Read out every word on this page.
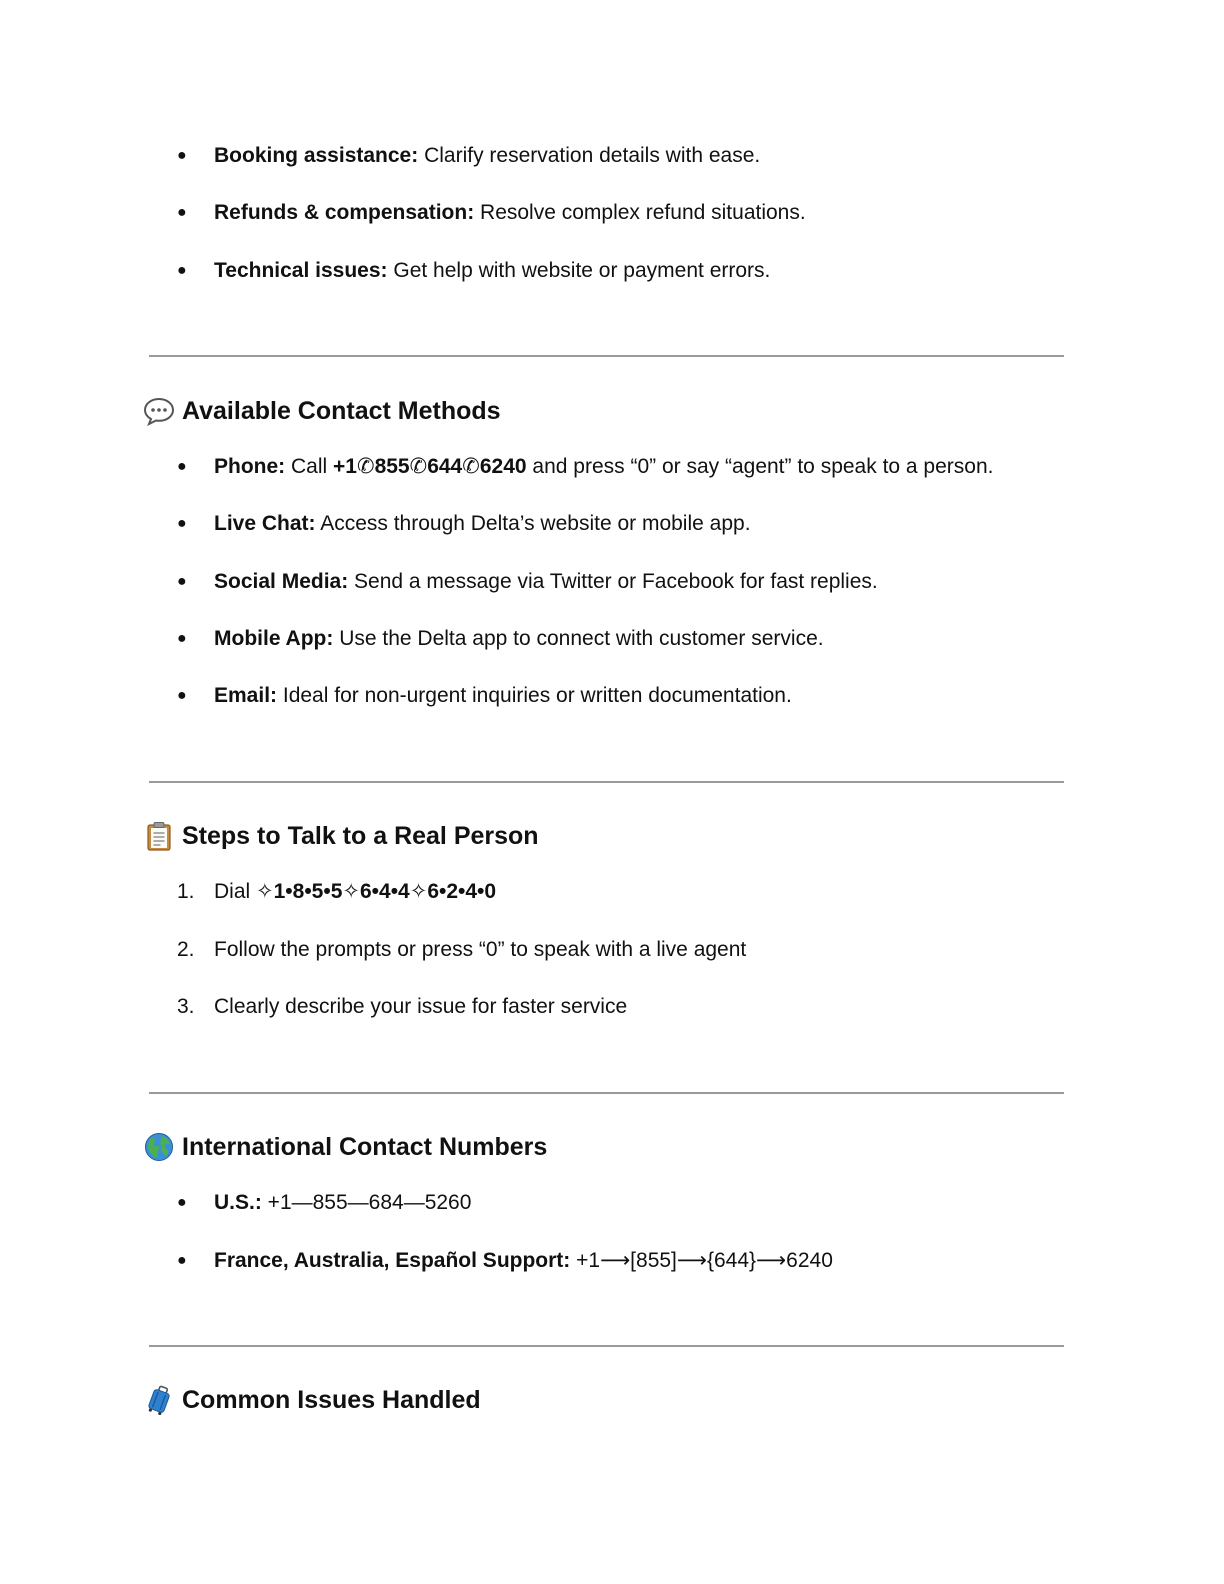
● Booking assistance: Clarify reservation details with ease.
● Refunds & compensation: Resolve complex refund situations.
● Technical issues: Get help with website or payment errors.
Available Contact Methods
● Phone: Call +1✆855✆644✆6240 and press “0” or say “agent” to speak to a person.
● Live Chat: Access through Delta’s website or mobile app.
● Social Media: Send a message via Twitter or Facebook for fast replies.
● Mobile App: Use the Delta app to connect with customer service.
● Email: Ideal for non-urgent inquiries or written documentation.
Steps to Talk to a Real Person
1. Dial ✧1•8•5•5✧6•4•4✧6•2•4•0
2. Follow the prompts or press “0” to speak with a live agent
3. Clearly describe your issue for faster service
International Contact Numbers
● U.S.: +1—855—684—5260
● France, Australia, Español Support: +1⟶[855]⟶{644}⟶6240
Common Issues Handled
